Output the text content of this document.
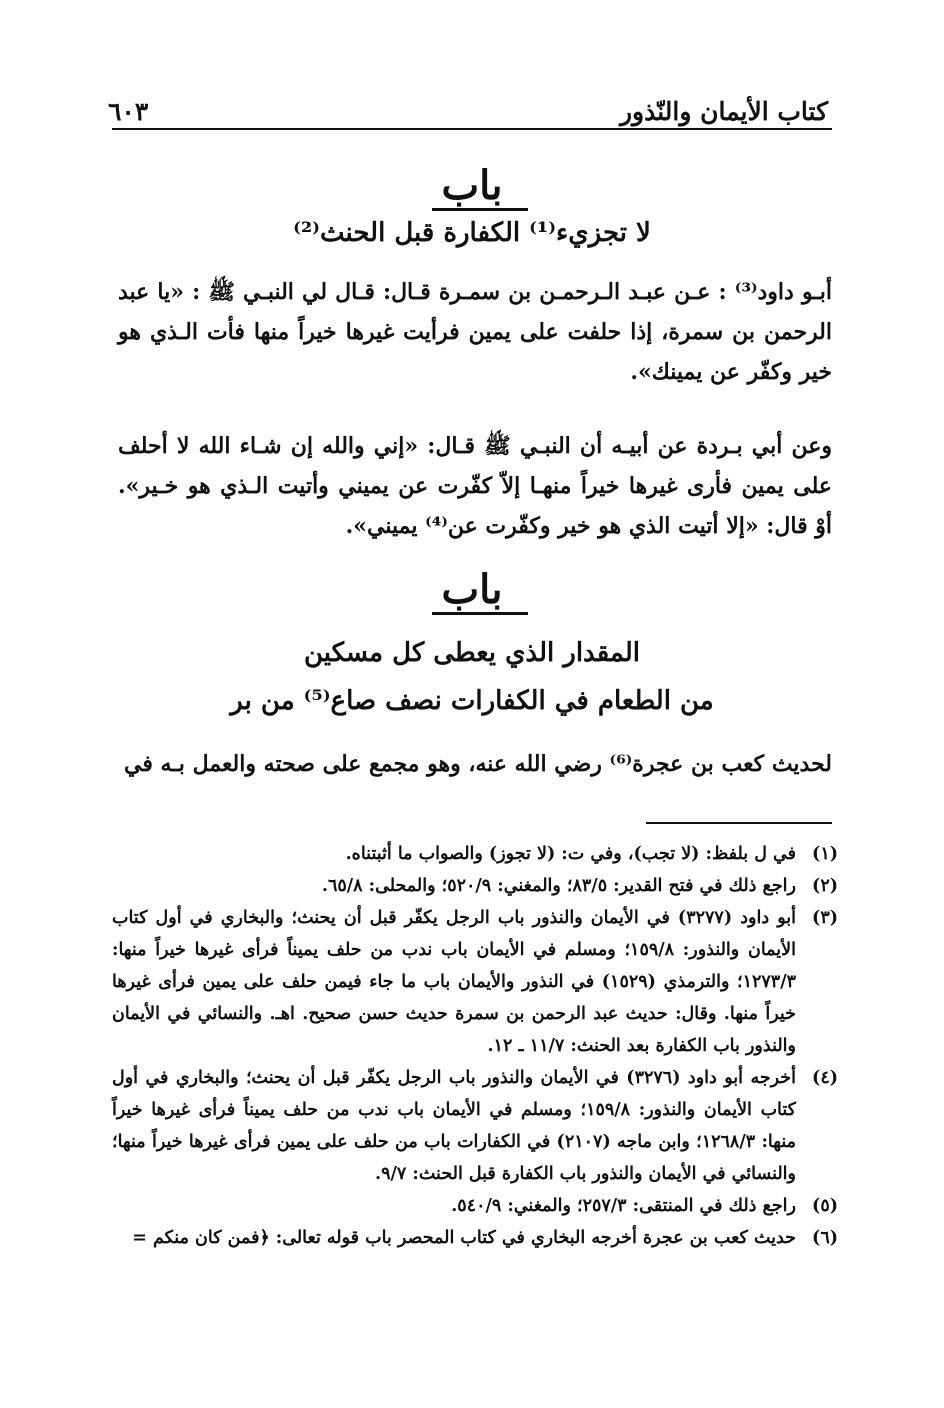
كتاب الأيمان والنّذور
٦٠٣
باب
لا تجزيء⁽¹⁾ الكفارة قبل الحنث⁽²⁾
أبـو داود⁽³⁾ : عـن عبـد الـرحمـن بن سمـرة قـال: قـال لي النبـي ﷺ : «يا عبد الرحمن بن سمرة، إذا حلفت على يمين فرأيت غيرها خيراً منها فأت الـذي هو خير وكفّر عن يمينك».
وعن أبي بـردة عن أبيـه أن النبـي ﷺ قـال: «إني والله إن شـاء الله لا أحلف على يمين فأرى غيرها خيراً منهـا إلاّ كفّرت عن يميني وأتيت الـذي هو خـير». أوْ قال: «إلا أتيت الذي هو خير وكفّرت عن⁽⁴⁾ يميني».
باب
المقدار الذي يعطى كل مسكين
من الطعام في الكفارات نصف صاع⁽⁵⁾ من بر
لحديث كعب بن عجرة⁽⁶⁾ رضي الله عنه، وهو مجمع على صحته والعمل بـه في
(١)
في ل بلفظ: (لا تجب)، وفي ت: (لا تجوز) والصواب ما أثبتناه.
(٢)
راجع ذلك في فتح القدير: ٨٣/٥؛ والمغني: ٥٢٠/٩؛ والمحلى: ٦٥/٨.
(٣)
أبو داود (٣٢٧٧) في الأيمان والنذور باب الرجل يكفّر قبل أن يحنث؛ والبخاري في أول كتاب الأيمان والنذور: ١٥٩/٨؛ ومسلم في الأيمان باب ندب من حلف يميناً فرأى غيرها خيراً منها: ١٢٧٣/٣؛ والترمذي (١٥٢٩) في النذور والأيمان باب ما جاء فيمن حلف على يمين فرأى غيرها خيراً منها. وقال: حديث عبد الرحمن بن سمرة حديث حسن صحيح. اهـ. والنسائي في الأيمان والنذور باب الكفارة بعد الحنث: ١١/٧ ـ ١٢.
(٤)
أخرجه أبو داود (٣٢٧٦) في الأيمان والنذور باب الرجل يكفّر قبل أن يحنث؛ والبخاري في أول كتاب الأيمان والنذور: ١٥٩/٨؛ ومسلم في الأيمان باب ندب من حلف يميناً فرأى غيرها خيراً منها: ١٢٦٨/٣؛ وابن ماجه (٢١٠٧) في الكفارات باب من حلف على يمين فرأى غيرها خيراً منها؛ والنسائي في الأيمان والنذور باب الكفارة قبل الحنث: ٩/٧.
(٥)
راجع ذلك في المنتقى: ٢٥٧/٣؛ والمغني: ٥٤٠/٩.
(٦)
حديث كعب بن عجرة أخرجه البخاري في كتاب المحصر باب قوله تعالى: ﴿فمن كان منكم =
